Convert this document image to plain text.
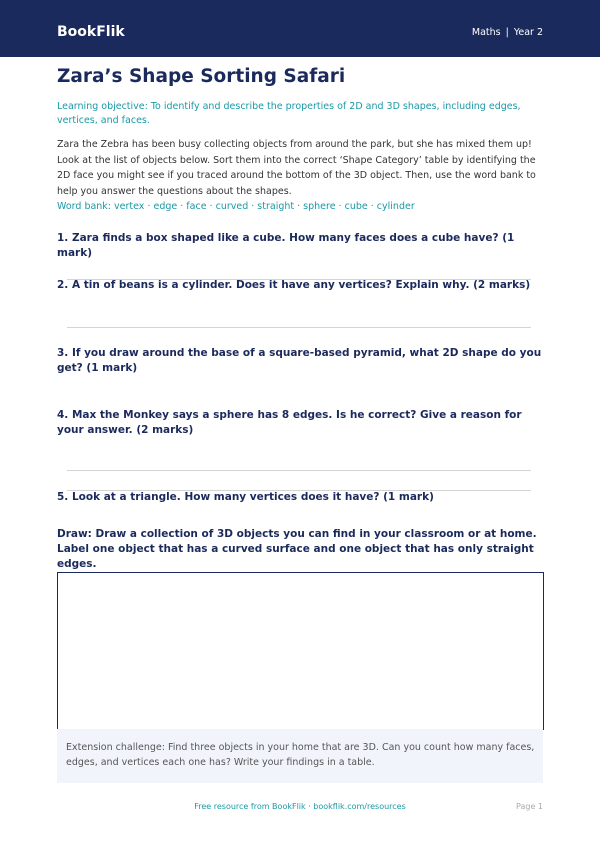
BookFlik	Maths | Year 2
Zara’s Shape Sorting Safari

Learning objective: To identify and describe the properties of 2D and 3D shapes, including edges, vertices, and faces.

Zara the Zebra has been busy collecting objects from around the park, but she has mixed them up! Look at the list of objects below. Sort them into the correct ‘Shape Category’ table by identifying the 2D face you might see if you traced around the bottom of the 3D object. Then, use the word bank to help you answer the questions about the shapes.

Word bank: vertex · edge · face · curved · straight · sphere · cube · cylinder

1. Zara finds a box shaped like a cube. How many faces does a cube have? (1 mark)

2. A tin of beans is a cylinder. Does it have any vertices? Explain why. (2 marks)

3. If you draw around the base of a square-based pyramid, what 2D shape do you get? (1 mark)

4. Max the Monkey says a sphere has 8 edges. Is he correct? Give a reason for your answer. (2 marks)

5. Look at a triangle. How many vertices does it have? (1 mark)

Draw: Draw a collection of 3D objects you can find in your classroom or at home. Label one object that has a curved surface and one object that has only straight edges.

Extension challenge: Find three objects in your home that are 3D. Can you count how many faces, edges, and vertices each one has? Write your findings in a table.

Free resource from BookFlik · bookflik.com/resources	Page 1
